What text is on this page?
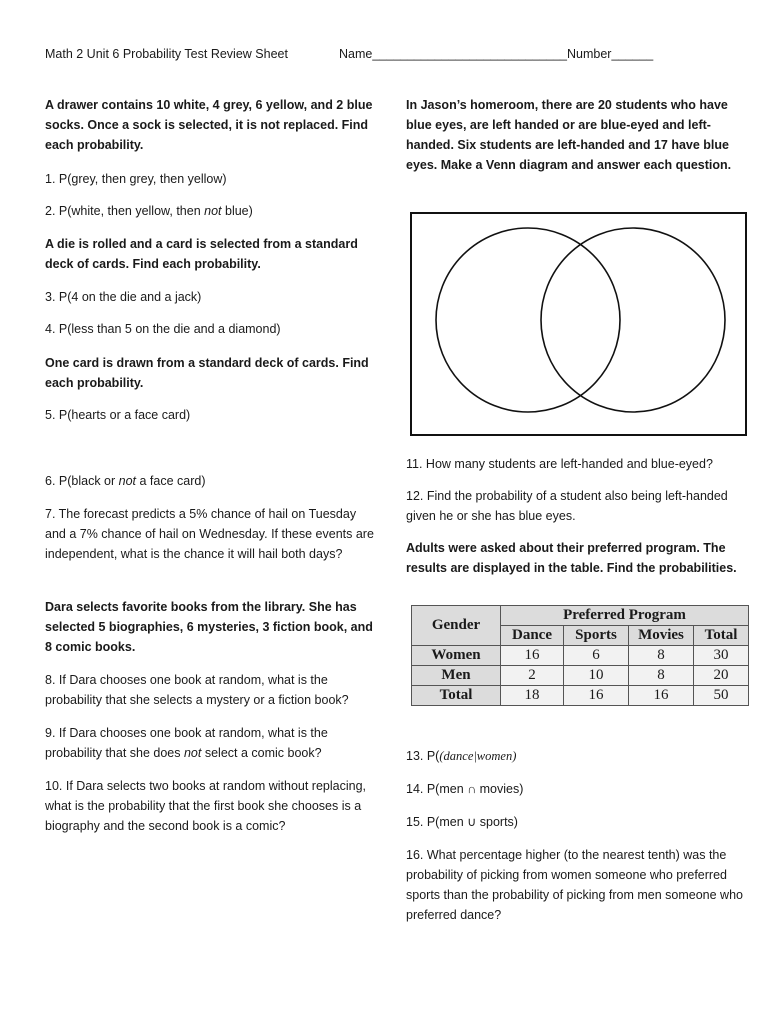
Math 2 Unit 6 Probability Test Review Sheet	Name____________________________Number______

A drawer contains 10 white, 4 grey, 6 yellow, and 2 blue socks. Once a sock is selected, it is not replaced. Find each probability.

1. P(grey, then grey, then yellow)

2. P(white, then yellow, then not blue)

A die is rolled and a card is selected from a standard deck of cards. Find each probability.

3. P(4 on the die and a jack)

4. P(less than 5 on the die and a diamond)

One card is drawn from a standard deck of cards. Find each probability.

5. P(hearts or a face card)

6. P(black or not a face card)

7. The forecast predicts a 5% chance of hail on Tuesday and a 7% chance of hail on Wednesday. If these events are independent, what is the chance it will hail both days?

Dara selects favorite books from the library. She has selected 5 biographies, 6 mysteries, 3 fiction book, and 8 comic books.

8. If Dara chooses one book at random, what is the probability that she selects a mystery or a fiction book?

9. If Dara chooses one book at random, what is the probability that she does not select a comic book?

10. If Dara selects two books at random without replacing, what is the probability that the first book she chooses is a biography and the second book is a comic?

In Jason’s homeroom, there are 20 students who have blue eyes, are left handed or are blue-eyed and left-handed. Six students are left-handed and 17 have blue eyes. Make a Venn diagram and answer each question.

11. How many students are left-handed and blue-eyed?

12. Find the probability of a student also being left-handed given he or she has blue eyes.

Adults were asked about their preferred program. The results are displayed in the table. Find the probabilities.

13. P((dance|women)

14. P(men ∩ movies)

15. P(men ∪ sports)

16. What percentage higher (to the nearest tenth) was the probability of picking from women someone who preferred sports than the probability of picking from men someone who preferred dance?

Gender	Preferred Program			
	Dance	Sports	Movies	Total
Women	16	6	8	30
Men	2	10	8	20
Total	18	16	16	50
